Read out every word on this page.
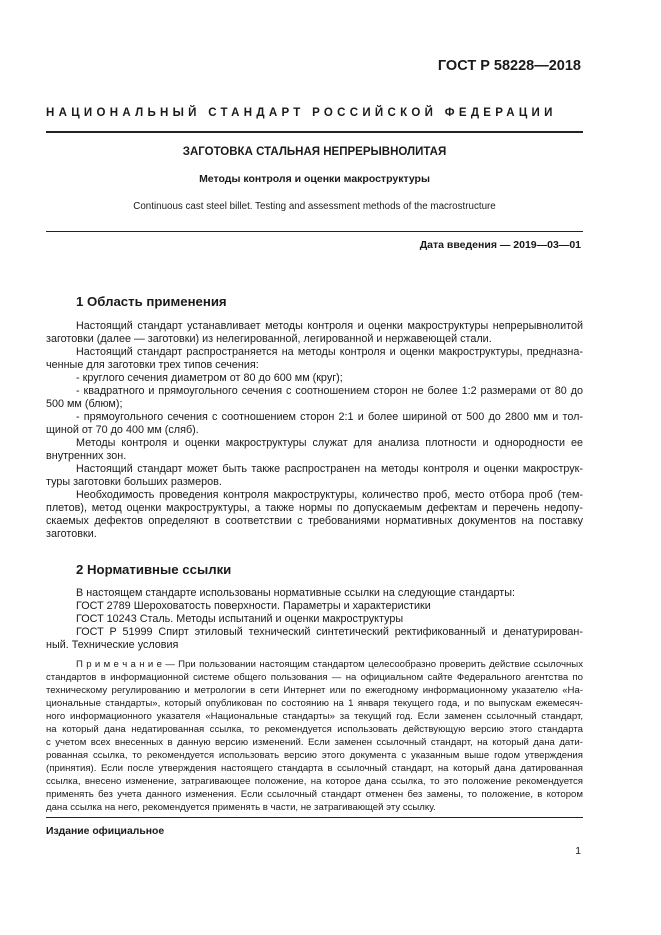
ГОСТ Р 58228—2018
НАЦИОНАЛЬНЫЙ СТАНДАРТ РОССИЙСКОЙ ФЕДЕРАЦИИ
ЗАГОТОВКА СТАЛЬНАЯ НЕПРЕРЫВНОЛИТАЯ
Методы контроля и оценки макроструктуры
Continuous cast steel billet. Testing and assessment methods of the macrostructure
Дата введения — 2019—03—01
1 Область применения
Настоящий стандарт устанавливает методы контроля и оценки макроструктуры непрерывнолитой
заготовки (далее — заготовки) из нелегированной, легированной и нержавеющей стали.
Настоящий стандарт распространяется на методы контроля и оценки макроструктуры, предназна-
ченные для заготовки трех типов сечения:
- круглого сечения диаметром от 80 до 600 мм (круг);
- квадратного и прямоугольного сечения с соотношением сторон не более 1:2 размерами от 80 до
500 мм (блюм);
- прямоугольного сечения с соотношением сторон 2:1 и более шириной от 500 до 2800 мм и тол-
щиной от 70 до 400 мм (сляб).
Методы контроля и оценки макроструктуры служат для анализа плотности и однородности ее
внутренних зон.
Настоящий стандарт может быть также распространен на методы контроля и оценки макрострук-
туры заготовки больших размеров.
Необходимость проведения контроля макроструктуры, количество проб, место отбора проб (тем-
плетов), метод оценки макроструктуры, а также нормы по допускаемым дефектам и перечень недопу-
скаемых дефектов определяют в соответствии с требованиями нормативных документов на поставку
заготовки.
2 Нормативные ссылки
В настоящем стандарте использованы нормативные ссылки на следующие стандарты:
ГОСТ 2789 Шероховатость поверхности. Параметры и характеристики
ГОСТ 10243 Сталь. Методы испытаний и оценки макроструктуры
ГОСТ Р 51999 Спирт этиловый технический синтетический ректификованный и денатурирован-
ный. Технические условия
П р и м е ч а н и е — При пользовании настоящим стандартом целесообразно проверить действие ссылочных
стандартов в информационной системе общего пользования — на официальном сайте Федерального агентства по
техническому регулированию и метрологии в сети Интернет или по ежегодному информационному указателю «На-
циональные стандарты», который опубликован по состоянию на 1 января текущего года, и по выпускам ежемесяч-
ного информационного указателя «Национальные стандарты» за текущий год. Если заменен ссылочный стандарт,
на который дана недатированная ссылка, то рекомендуется использовать действующую версию этого стандарта
с учетом всех внесенных в данную версию изменений. Если заменен ссылочный стандарт, на который дана дати-
рованная ссылка, то рекомендуется использовать версию этого документа с указанным выше годом утверждения
(принятия). Если после утверждения настоящего стандарта в ссылочный стандарт, на который дана датированная
ссылка, внесено изменение, затрагивающее положение, на которое дана ссылка, то это положение рекомендуется
применять без учета данного изменения. Если ссылочный стандарт отменен без замены, то положение, в котором
дана ссылка на него, рекомендуется применять в части, не затрагивающей эту ссылку.
Издание официальное
1
